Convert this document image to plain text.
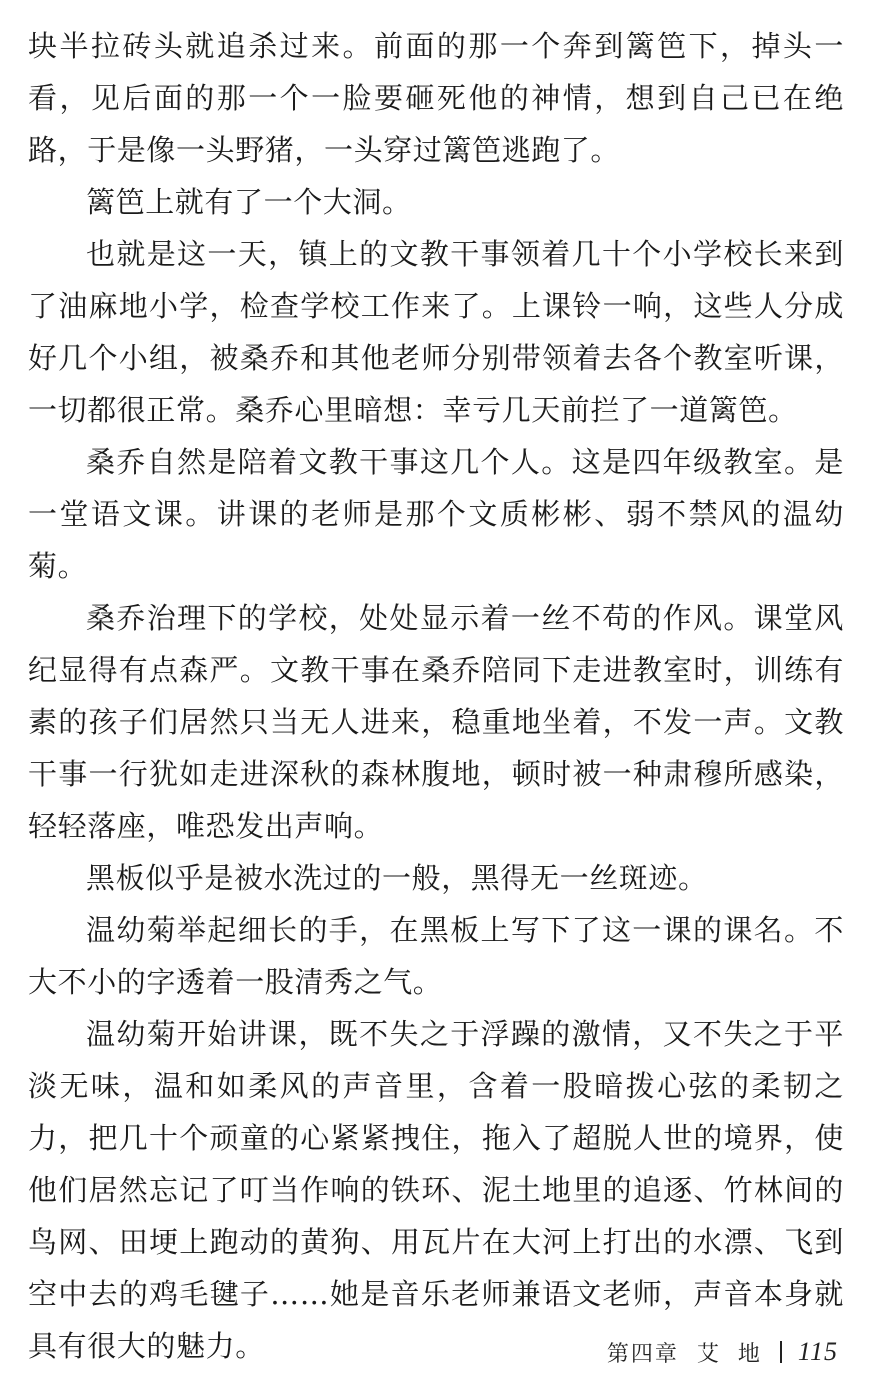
块半拉砖头就追杀过来。前面的那一个奔到篱笆下，掉头一看，见后面的那一个一脸要砸死他的神情，想到自己已在绝路，于是像一头野猪，一头穿过篱笆逃跑了。

篱笆上就有了一个大洞。

也就是这一天，镇上的文教干事领着几十个小学校长来到了油麻地小学，检查学校工作来了。上课铃一响，这些人分成好几个小组，被桑乔和其他老师分别带领着去各个教室听课，一切都很正常。桑乔心里暗想：幸亏几天前拦了一道篱笆。

桑乔自然是陪着文教干事这几个人。这是四年级教室。是一堂语文课。讲课的老师是那个文质彬彬、弱不禁风的温幼菊。

桑乔治理下的学校，处处显示着一丝不苟的作风。课堂风纪显得有点森严。文教干事在桑乔陪同下走进教室时，训练有素的孩子们居然只当无人进来，稳重地坐着，不发一声。文教干事一行犹如走进深秋的森林腹地，顿时被一种肃穆所感染，轻轻落座，唯恐发出声响。

黑板似乎是被水洗过的一般，黑得无一丝斑迹。

温幼菊举起细长的手，在黑板上写下了这一课的课名。不大不小的字透着一股清秀之气。

温幼菊开始讲课，既不失之于浮躁的激情，又不失之于平淡无味，温和如柔风的声音里，含着一股暗拨心弦的柔韧之力，把几十个顽童的心紧紧拽住，拖入了超脱人世的境界，使他们居然忘记了叮当作响的铁环、泥土地里的追逐、竹林间的鸟网、田埂上跑动的黄狗、用瓦片在大河上打出的水漂、飞到空中去的鸡毛毽子……她是音乐老师兼语文老师，声音本身就具有很大的魅力。	第四章 艾 地 115
